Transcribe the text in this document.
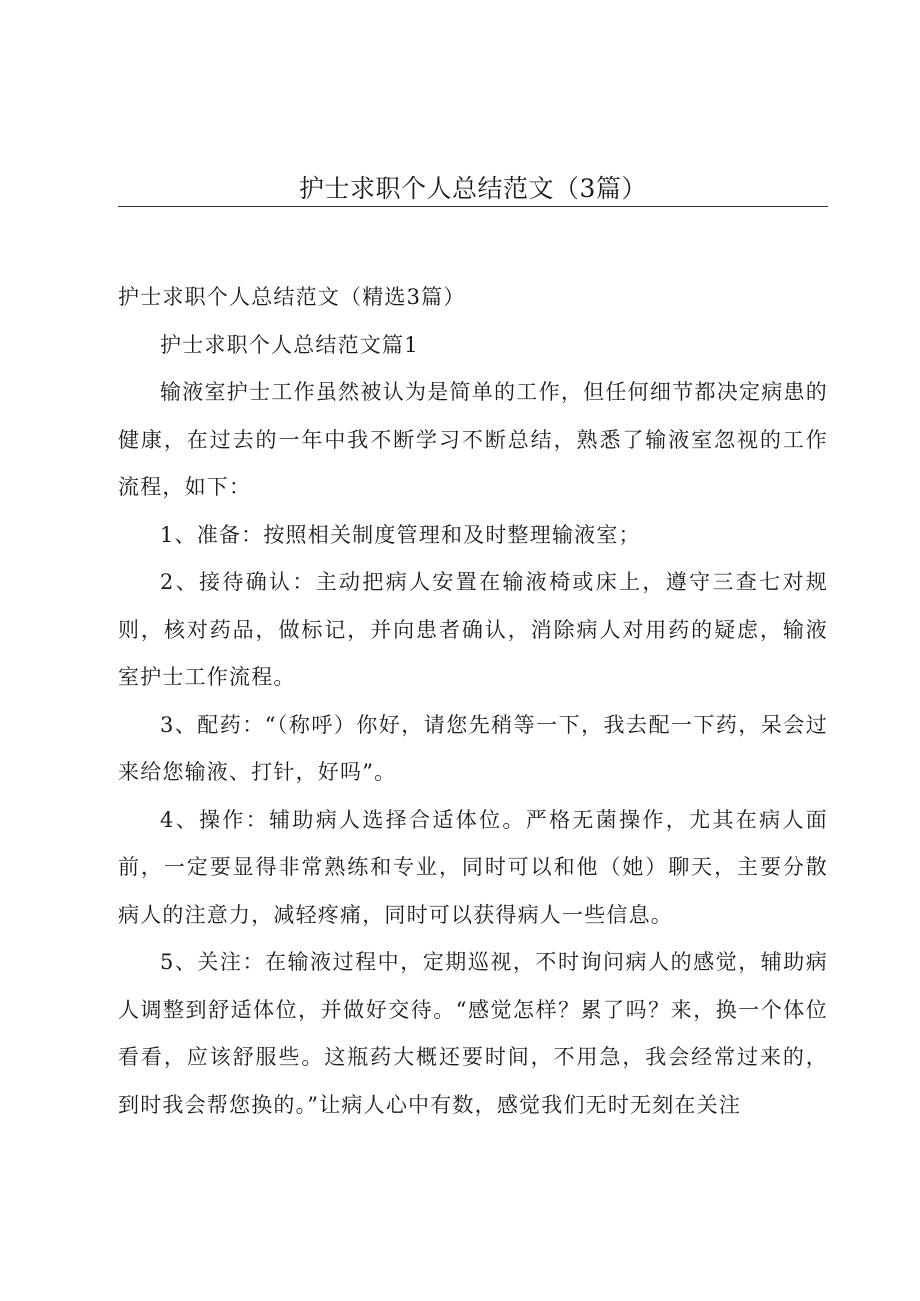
护士求职个人总结范文（3篇）

护士求职个人总结范文（精选3篇）

护士求职个人总结范文篇1

输液室护士工作虽然被认为是简单的工作，但任何细节都决定病患的健康，在过去的一年中我不断学习不断总结，熟悉了输液室忽视的工作流程，如下：

1、准备：按照相关制度管理和及时整理输液室；

2、接待确认：主动把病人安置在输液椅或床上，遵守三查七对规则，核对药品，做标记，并向患者确认，消除病人对用药的疑虑，输液室护士工作流程。

3、配药：“（称呼）你好，请您先稍等一下，我去配一下药，呆会过来给您输液、打针，好吗”。

4、操作：辅助病人选择合适体位。严格无菌操作，尤其在病人面前，一定要显得非常熟练和专业，同时可以和他（她）聊天，主要分散病人的注意力，减轻疼痛，同时可以获得病人一些信息。

5、关注：在输液过程中，定期巡视，不时询问病人的感觉，辅助病人调整到舒适体位，并做好交待。“感觉怎样？累了吗？来，换一个体位看看，应该舒服些。这瓶药大概还要时间，不用急，我会经常过来的，到时我会帮您换的。”让病人心中有数，感觉我们无时无刻在关注
